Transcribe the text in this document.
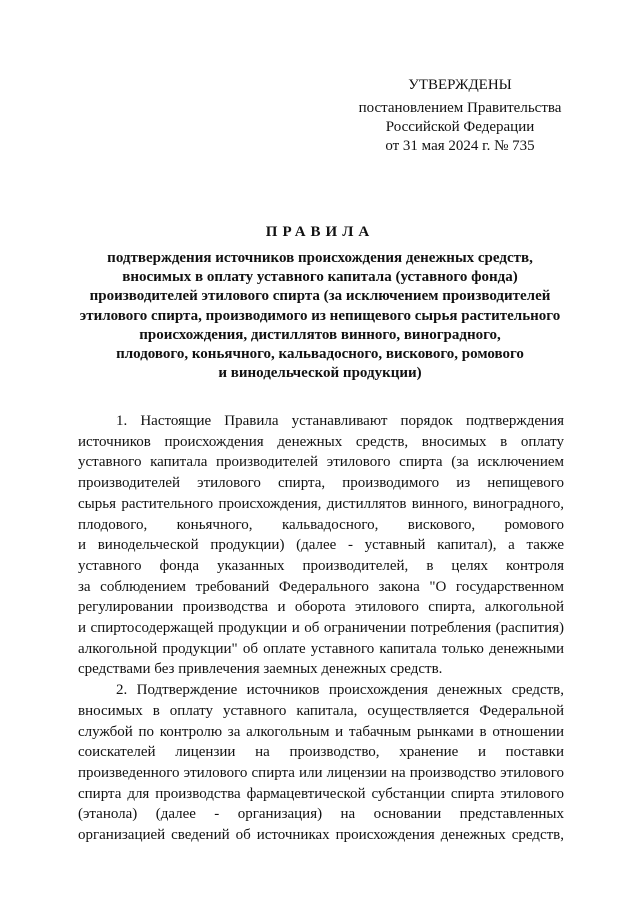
УТВЕРЖДЕНЫ
постановлением Правительства
Российской Федерации
от 31 мая 2024 г. № 735
ПРАВИЛА
подтверждения источников происхождения денежных средств,
вносимых в оплату уставного капитала (уставного фонда)
производителей этилового спирта (за исключением производителей
этилового спирта, производимого из непищевого сырья растительного
происхождения, дистиллятов винного, виноградного,
плодового, коньячного, кальвадосного, вискового, ромового
и винодельческой продукции)
1. Настоящие Правила устанавливают порядок подтверждения
источников происхождения денежных средств, вносимых в оплату
уставного капитала производителей этилового спирта (за исключением
производителей этилового спирта, производимого из непищевого
сырья растительного происхождения, дистиллятов винного, виноградного,
плодового, коньячного, кальвадосного, вискового, ромового
и винодельческой продукции) (далее - уставный капитал), а также
уставного фонда указанных производителей, в целях контроля
за соблюдением требований Федерального закона "О государственном
регулировании производства и оборота этилового спирта, алкогольной
и спиртосодержащей продукции и об ограничении потребления (распития)
алкогольной продукции" об оплате уставного капитала только денежными
средствами без привлечения заемных денежных средств.
2. Подтверждение источников происхождения денежных средств,
вносимых в оплату уставного капитала, осуществляется Федеральной
службой по контролю за алкогольным и табачным рынками в отношении
соискателей лицензии на производство, хранение и поставки
произведенного этилового спирта или лицензии на производство этилового
спирта для производства фармацевтической субстанции спирта этилового
(этанола) (далее - организация) на основании представленных
организацией сведений об источниках происхождения денежных средств,
